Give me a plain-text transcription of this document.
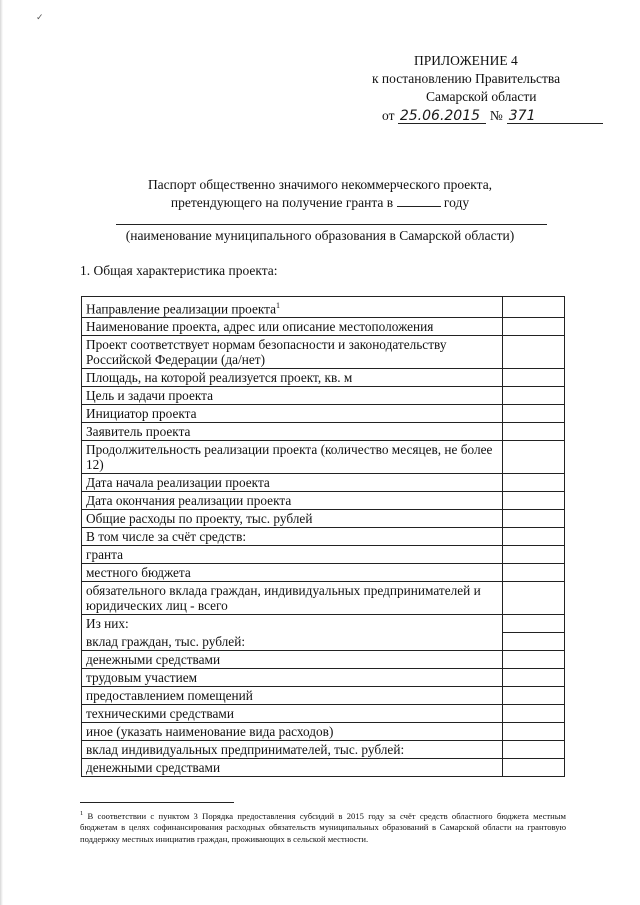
✓
ПРИЛОЖЕНИЕ 4
к постановлению Правительства
Самарской области
от 25.06.2015 № 371
Паспорт общественно значимого некоммерческого проекта,
претендующего на получение гранта в	году
(наименование муниципального образования в Самарской области)
1. Общая характеристика проекта:
Направление реализации проекта$^1$	
Наименование проекта, адрес или описание местоположения	
Проект соответствует нормам безопасности и законодательству Российской Федерации (да/нет)	
Площадь, на которой реализуется проект, кв. м	
Цель и задачи проекта	
Инициатор проекта	
Заявитель проекта	
Продолжительность реализации проекта (количество месяцев, не более 12)	
Дата начала реализации проекта	
Дата окончания реализации проекта	
Общие расходы по проекту, тыс. рублей	
В том числе за счёт средств:	
гранта	
местного бюджета	
обязательного вклада граждан, индивидуальных предпринимателей и юридических лиц - всего	
Из них:	
вклад граждан, тыс. рублей:	
денежными средствами	
трудовым участием	
предоставлением помещений	
техническими средствами	
иное (указать наименование вида расходов)	
вклад индивидуальных предпринимателей, тыс. рублей:	
денежными средствами	
$^1$ В соответствии с пунктом 3 Порядка предоставления субсидий в 2015 году за счёт средств областного бюджета местным бюджетам в целях софинансирования расходных обязательств муниципальных образований в Самарской области на грантовую поддержку местных инициатив граждан, проживающих в сельской местности.
